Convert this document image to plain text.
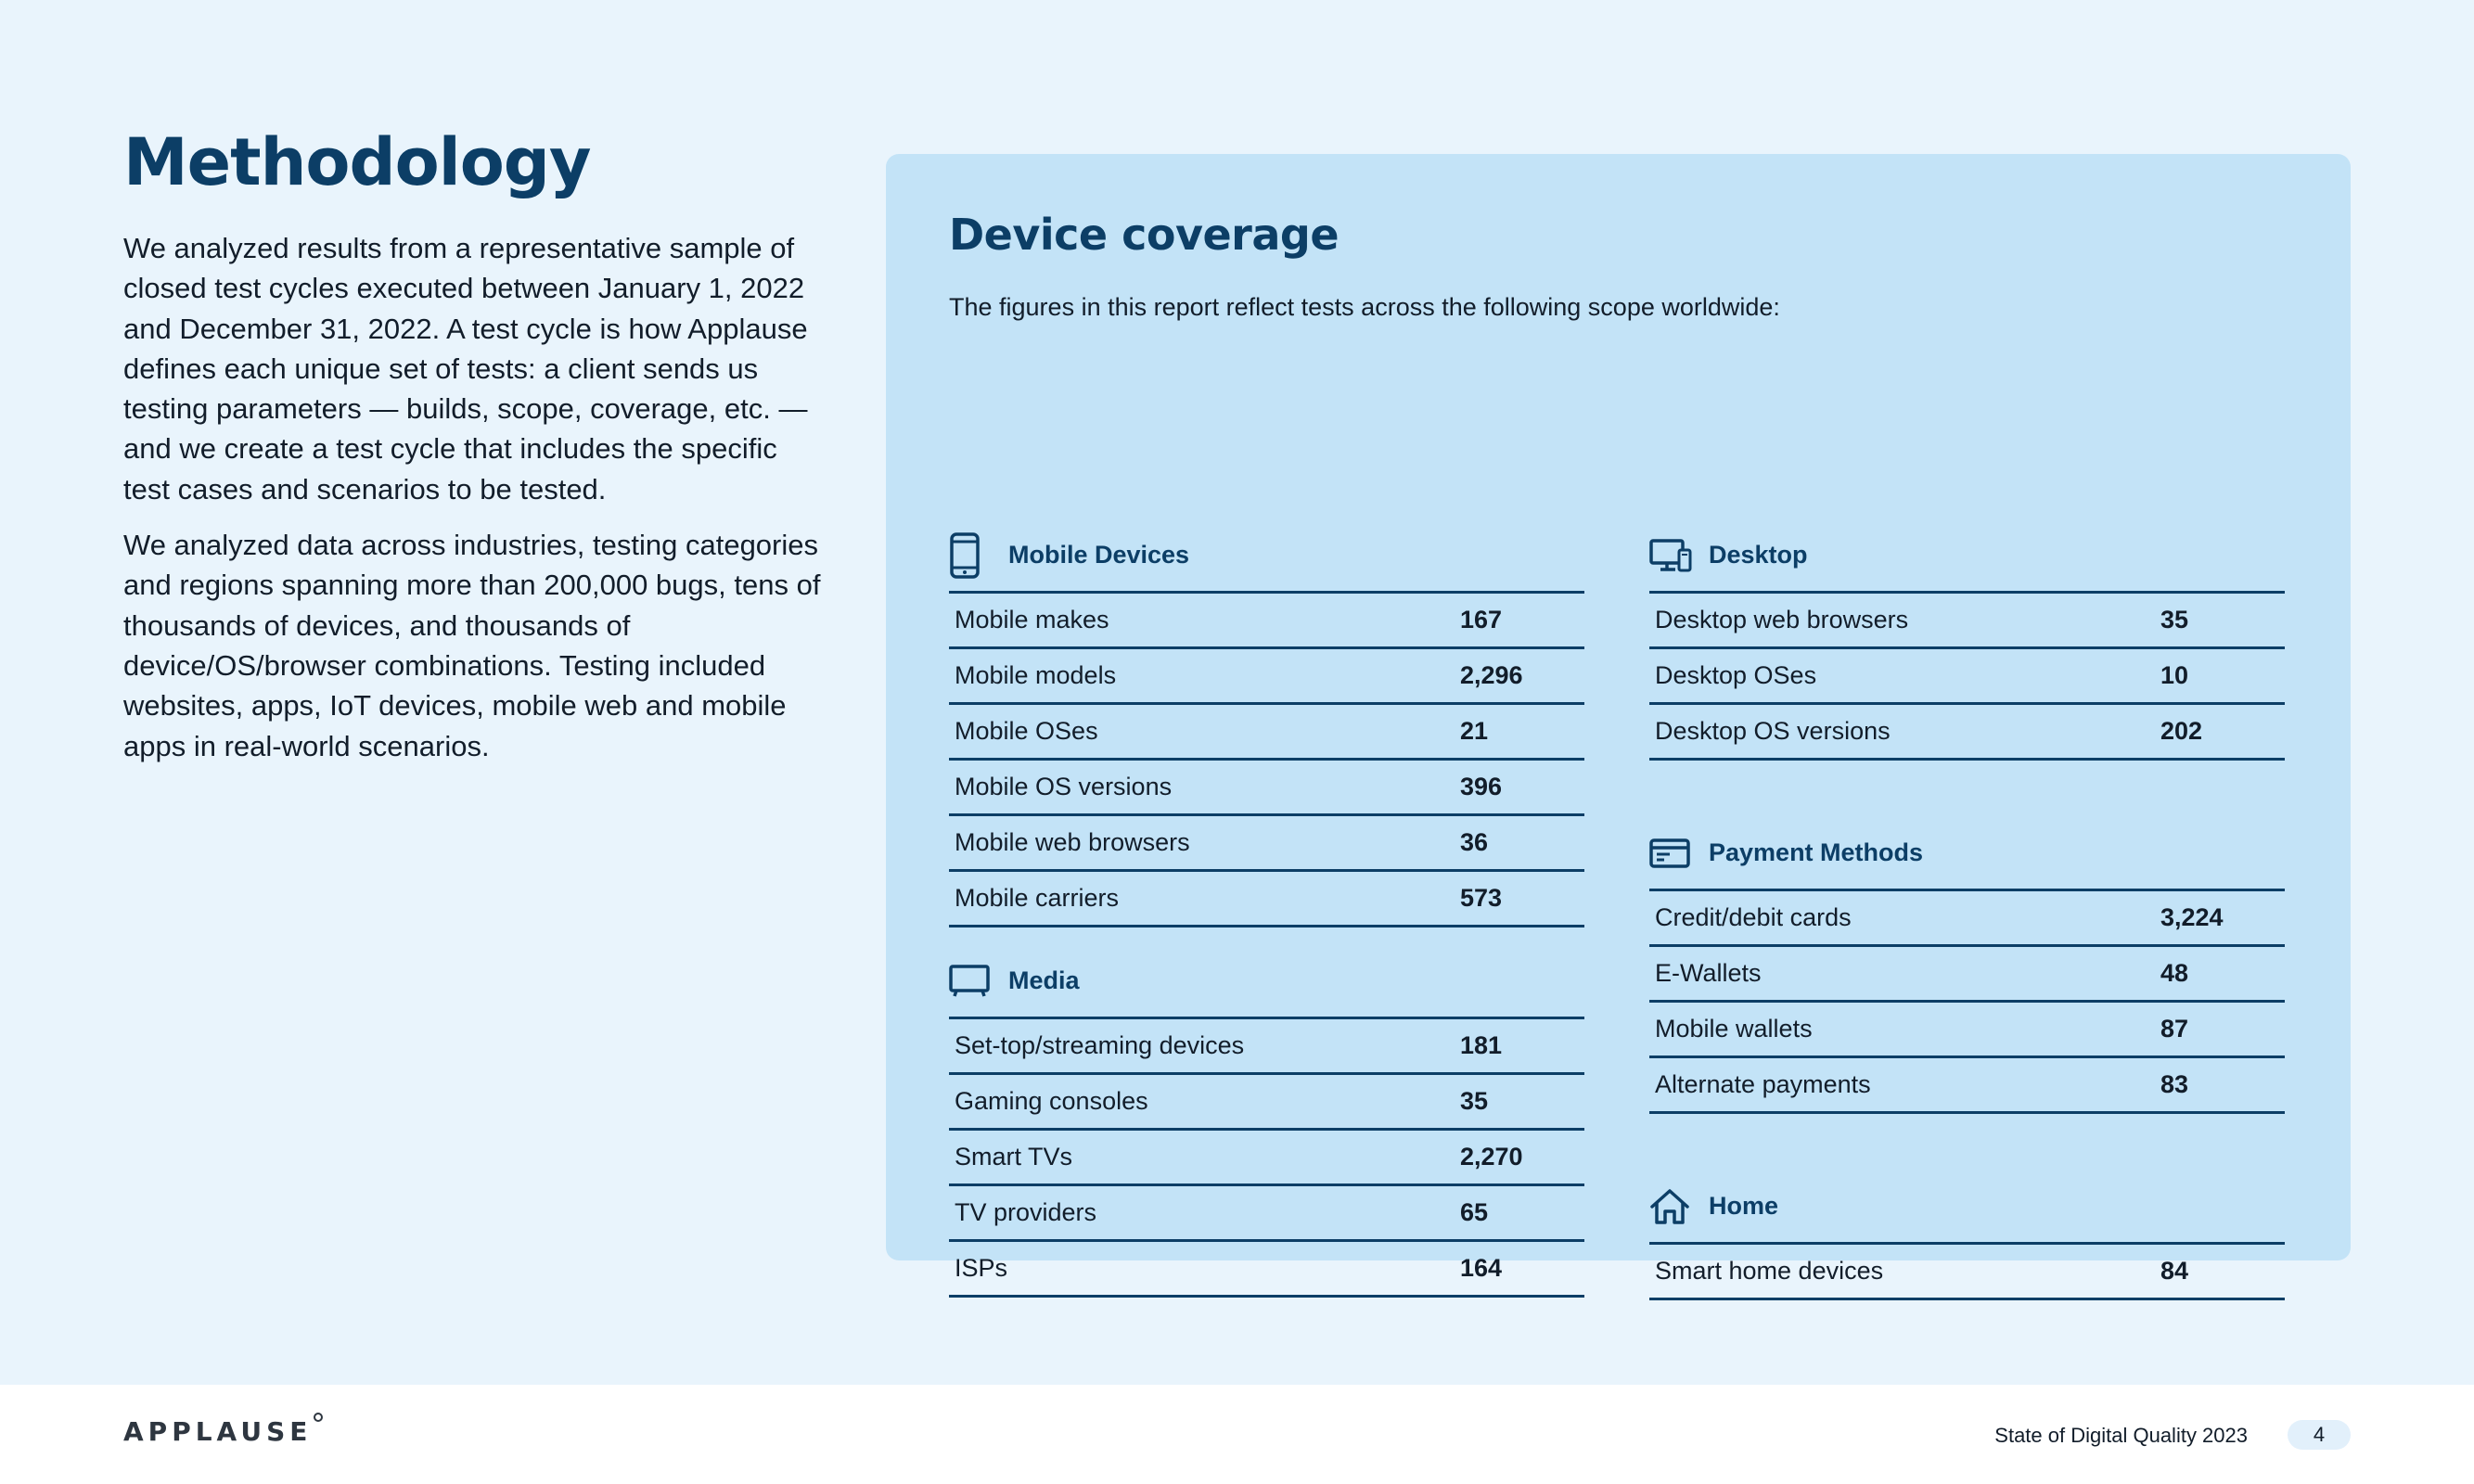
Methodology

We analyzed results from a representative sample of closed test cycles executed between January 1, 2022 and December 31, 2022. A test cycle is how Applause defines each unique set of tests: a client sends us testing parameters — builds, scope, coverage, etc. — and we create a test cycle that includes the specific test cases and scenarios to be tested.

We analyzed data across industries, testing categories and regions spanning more than 200,000 bugs, tens of thousands of devices, and thousands of device/OS/browser combinations. Testing included websites, apps, IoT devices, mobile web and mobile apps in real-world scenarios.

Device coverage

The figures in this report reflect tests across the following scope worldwide:

Mobile Devices
Mobile makes	167
Mobile models	2,296
Mobile OSes	21
Mobile OS versions	396
Mobile web browsers	36
Mobile carriers	573
Media
Set-top/streaming devices	181
Gaming consoles	35
Smart TVs	2,270
TV providers	65
ISPs	164
Desktop
Desktop web browsers	35
Desktop OSes	10
Desktop OS versions	202
Payment Methods
Credit/debit cards	3,224
E-Wallets	48
Mobile wallets	87
Alternate payments	83
Home
Smart home devices	84
APPLAUSE	State of Digital Quality 2023	4
